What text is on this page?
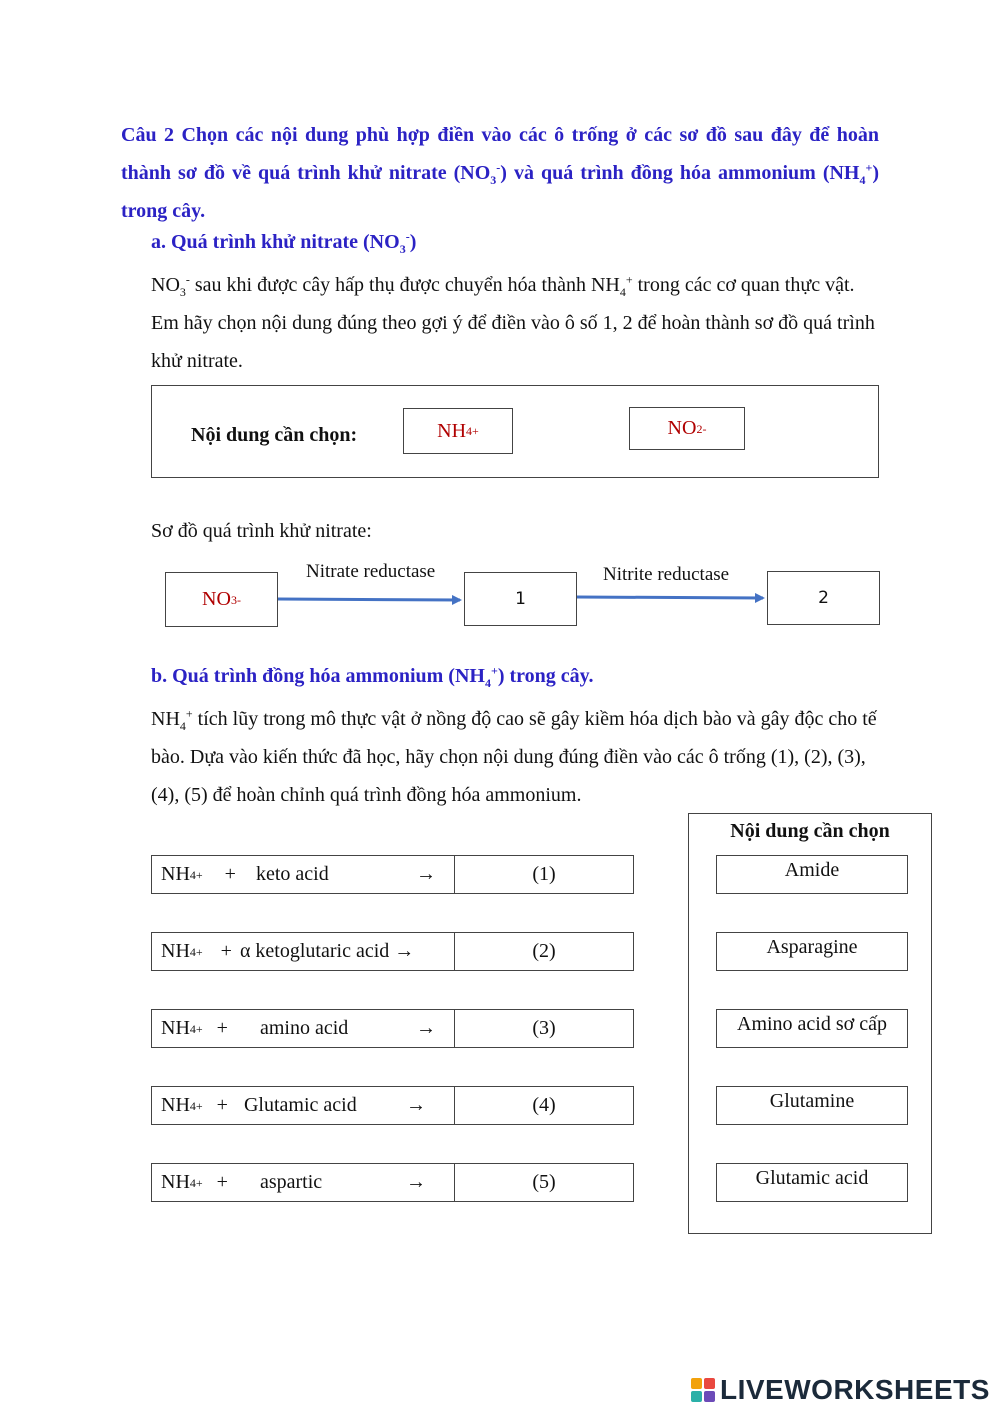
Câu 2 Chọn các nội dung phù hợp điền vào các ô trống ở các sơ đồ sau đây để hoàn thành sơ đồ về quá trình khử nitrate $(NO_3^-)$ và quá trình đồng hóa ammonium $(NH_4^+)$ trong cây.
a. Quá trình khử nitrate $(NO_3^-)$
$NO_3^-$ sau khi được cây hấp thụ được chuyển hóa thành $NH_4^+$ trong các cơ quan thực vật. Em hãy chọn nội dung đúng theo gợi ý để điền vào ô số 1, 2 để hoàn thành sơ đồ quá trình khử nitrate.
Nội dung cần chọn:	NH 4 +	NO 2 -
Sơ đồ quá trình khử nitrate:
NO 3 -
Nitrate reductase
1
Nitrite reductase
2
b. Quá trình đồng hóa ammonium $(NH_4^+)$ trong cây.
$NH_4^+$ tích lũy trong mô thực vật ở nồng độ cao sẽ gây kiềm hóa dịch bào và gây độc cho tế bào. Dựa vào kiến thức đã học, hãy chọn nội dung đúng điền vào các ô trống (1), (2), (3), (4), (5) để hoàn chỉnh quá trình đồng hóa ammonium.
NH 4 + + keto acid	→	(1)
NH 4 + + α ketoglutaric acid →	(2)
NH 4 + + amino acid	→	(3)
NH 4 + + Glutamic acid →	(4)
NH 4 + + aspartic	→	(5)
Nội dung cần chọn
Amide
Asparagine
Amino acid sơ cấp
Glutamine
Glutamic acid
LIVEWORKSHEETS
